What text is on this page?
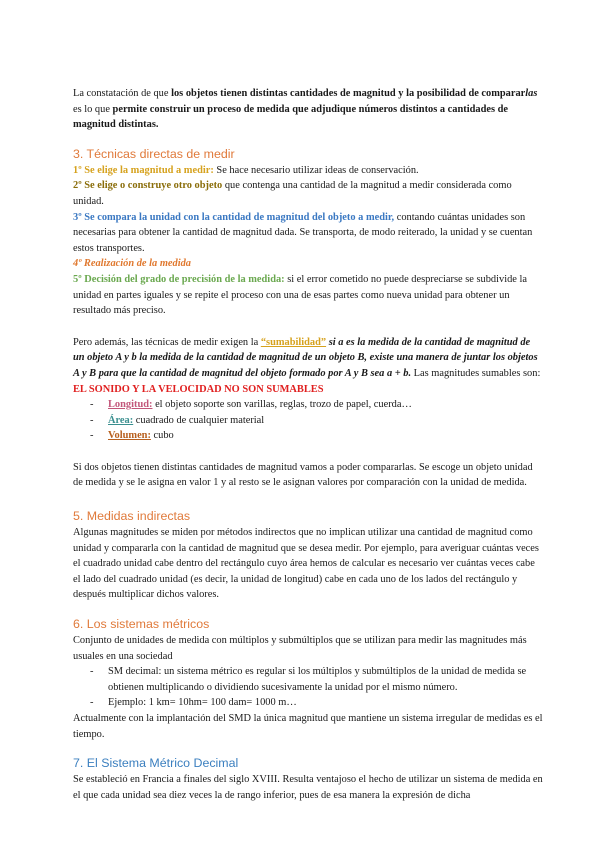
La constatación de que los objetos tienen distintas cantidades de magnitud y la posibilidad de compararlas es lo que permite construir un proceso de medida que adjudique números distintos a cantidades de magnitud distintas.

3. Técnicas directas de medir

1º Se elige la magnitud a medir: Se hace necesario utilizar ideas de conservación.

2º Se elige o construye otro objeto que contenga una cantidad de la magnitud a medir considerada como unidad.

3º Se compara la unidad con la cantidad de magnitud del objeto a medir, contando cuántas unidades son necesarias para obtener la cantidad de magnitud dada. Se transporta, de modo reiterado, la unidad y se cuentan estos transportes.

4º Realización de la medida

5º Decisión del grado de precisión de la medida: si el error cometido no puede despreciarse se subdivide la unidad en partes iguales y se repite el proceso con una de esas partes como nueva unidad para obtener un resultado más preciso.

Pero además, las técnicas de medir exigen la “sumabilidad” si a es la medida de la cantidad de magnitud de un objeto A y b la medida de la cantidad de magnitud de un objeto B, existe una manera de juntar los objetos A y B para que la cantidad de magnitud del objeto formado por A y B sea a + b. Las magnitudes sumables son: EL SONIDO Y LA VELOCIDAD NO SON SUMABLES

- Longitud: el objeto soporte son varillas, reglas, trozo de papel, cuerda…
- Área: cuadrado de cualquier material
- Volumen: cubo

Si dos objetos tienen distintas cantidades de magnitud vamos a poder compararlas. Se escoge un objeto unidad de medida y se le asigna en valor 1 y al resto se le asignan valores por comparación con la unidad de medida.

5. Medidas indirectas

Algunas magnitudes se miden por métodos indirectos que no implican utilizar una cantidad de magnitud como unidad y compararla con la cantidad de magnitud que se desea medir. Por ejemplo, para averiguar cuántas veces el cuadrado unidad cabe dentro del rectángulo cuyo área hemos de calcular es necesario ver cuántas veces cabe el lado del cuadrado unidad (es decir, la unidad de longitud) cabe en cada uno de los lados del rectángulo y después multiplicar dichos valores.

6. Los sistemas métricos

Conjunto de unidades de medida con múltiplos y submúltiplos que se utilizan para medir las magnitudes más usuales en una sociedad

- SM decimal: un sistema métrico es regular si los múltiplos y submúltiplos de la unidad de medida se obtienen multiplicando o dividiendo sucesivamente la unidad por el mismo número.
- Ejemplo: 1 km= 10hm= 100 dam= 1000 m…

Actualmente con la implantación del SMD la única magnitud que mantiene un sistema irregular de medidas es el tiempo.

7. El Sistema Métrico Decimal

Se estableció en Francia a finales del siglo XVIII. Resulta ventajoso el hecho de utilizar un sistema de medida en el que cada unidad sea diez veces la de rango inferior, pues de esa manera la expresión de dicha
